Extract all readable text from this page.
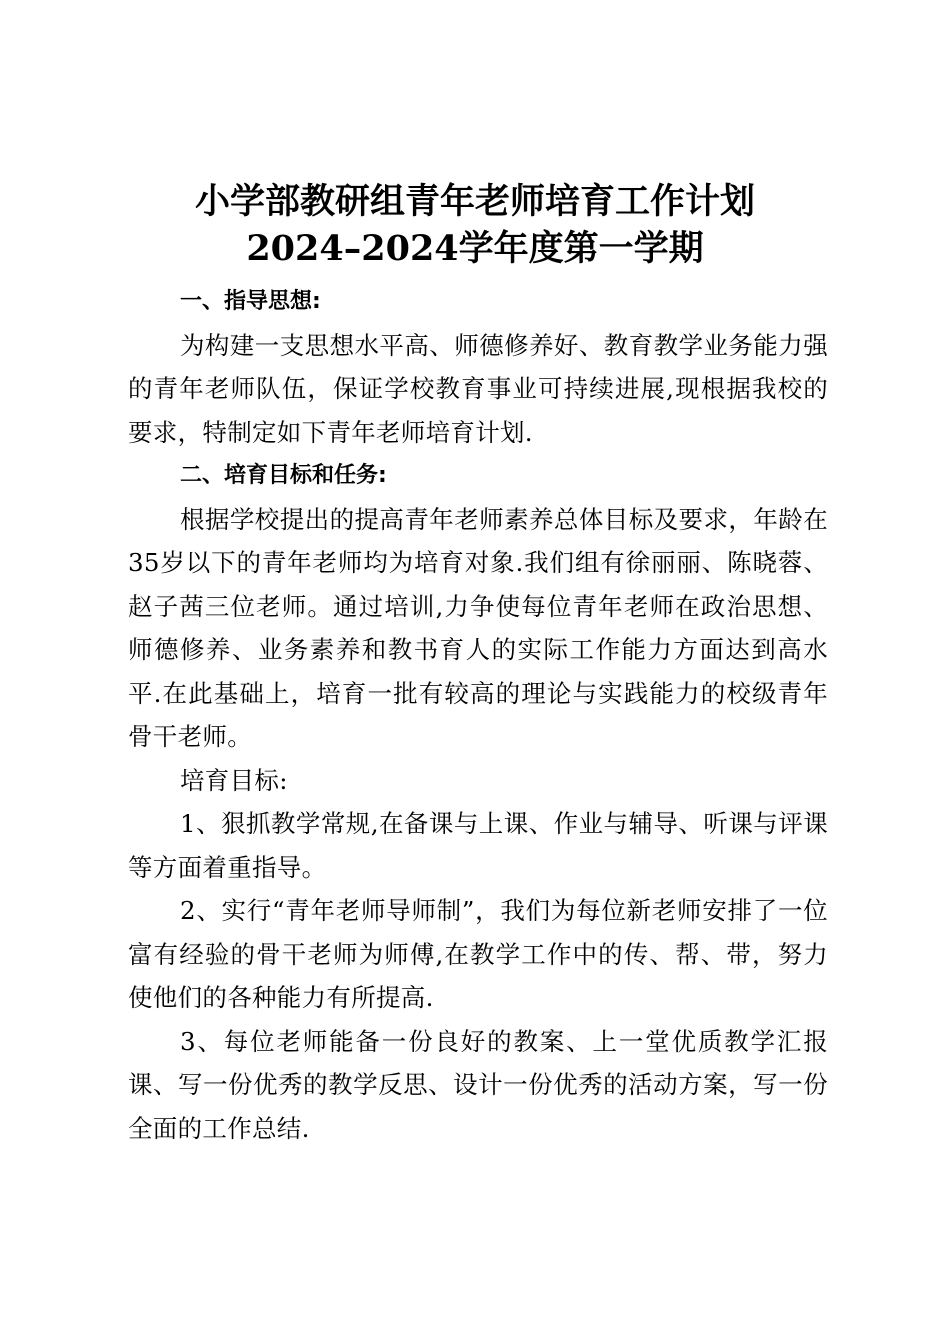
小学部教研组青年老师培育工作计划
2024–2024学年度第一学期

一、指导思想:

为构建一支思想水平高、师德修养好、教育教学业务能力强的青年老师队伍，保证学校教育事业可持续进展,现根据我校的要求，特制定如下青年老师培育计划.

二、培育目标和任务:

根据学校提出的提高青年老师素养总体目标及要求，年龄在35岁以下的青年老师均为培育对象.我们组有徐丽丽、陈晓蓉、赵子茜三位老师。通过培训,力争使每位青年老师在政治思想、师德修养、业务素养和教书育人的实际工作能力方面达到高水平.在此基础上，培育一批有较高的理论与实践能力的校级青年骨干老师。

培育目标:

1、狠抓教学常规,在备课与上课、作业与辅导、听课与评课等方面着重指导。

2、实行“青年老师导师制”，我们为每位新老师安排了一位富有经验的骨干老师为师傅,在教学工作中的传、帮、带，努力使他们的各种能力有所提高.

3、每位老师能备一份良好的教案、上一堂优质教学汇报课、写一份优秀的教学反思、设计一份优秀的活动方案，写一份全面的工作总结.
